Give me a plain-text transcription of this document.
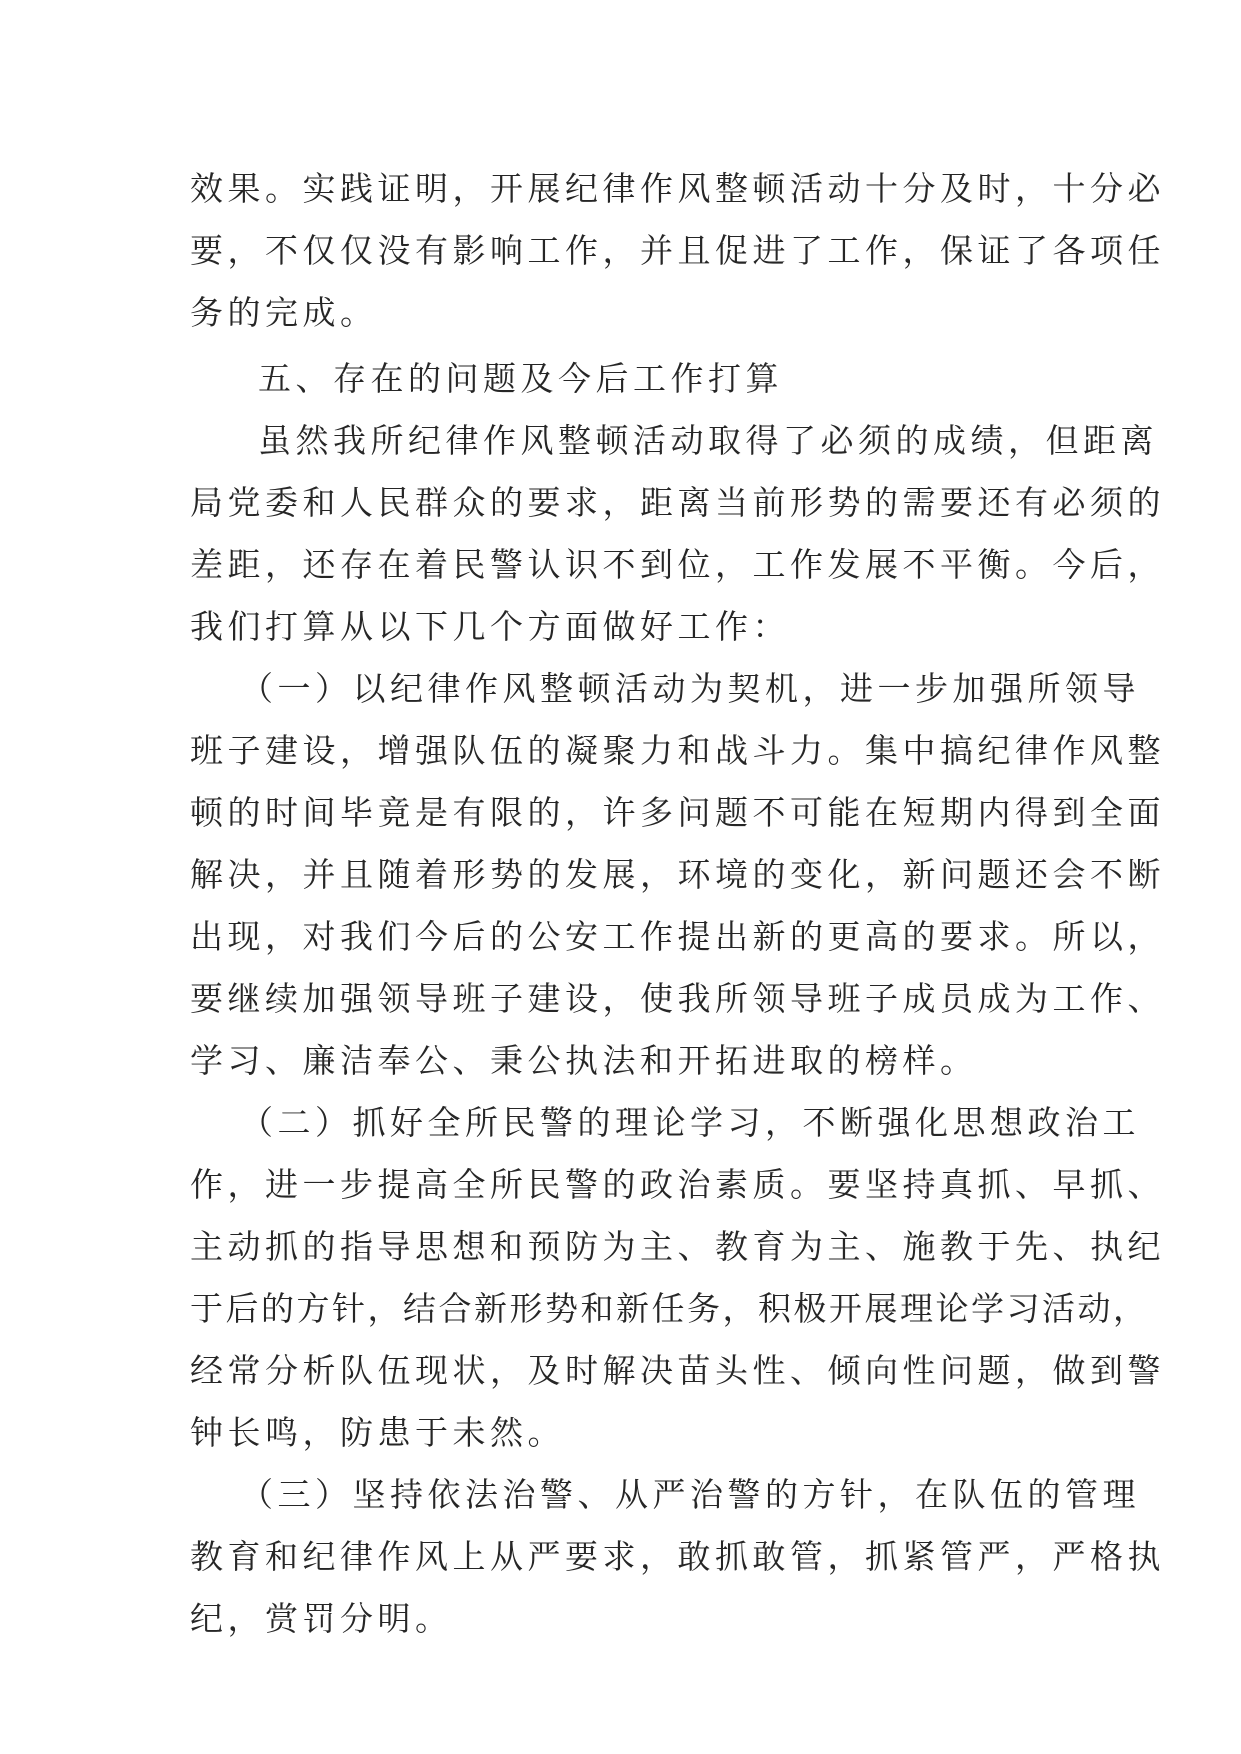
效果。实践证明，开展纪律作风整顿活动十分及时，十分必
要，不仅仅没有影响工作，并且促进了工作，保证了各项任
务的完成。
五、存在的问题及今后工作打算
虽然我所纪律作风整顿活动取得了必须的成绩，但距离
局党委和人民群众的要求，距离当前形势的需要还有必须的
差距，还存在着民警认识不到位，工作发展不平衡。今后，
我们打算从以下几个方面做好工作：
（一）以纪律作风整顿活动为契机，进一步加强所领导
班子建设，增强队伍的凝聚力和战斗力。集中搞纪律作风整
顿的时间毕竟是有限的，许多问题不可能在短期内得到全面
解决，并且随着形势的发展，环境的变化，新问题还会不断
出现，对我们今后的公安工作提出新的更高的要求。所以，
要继续加强领导班子建设，使我所领导班子成员成为工作、
学习、廉洁奉公、秉公执法和开拓进取的榜样。
（二）抓好全所民警的理论学习，不断强化思想政治工
作，进一步提高全所民警的政治素质。要坚持真抓、早抓、
主动抓的指导思想和预防为主、教育为主、施教于先、执纪
于后的方针，结合新形势和新任务，积极开展理论学习活动，
经常分析队伍现状，及时解决苗头性、倾向性问题，做到警
钟长鸣，防患于未然。
（三）坚持依法治警、从严治警的方针，在队伍的管理
教育和纪律作风上从严要求，敢抓敢管，抓紧管严，严格执
纪，赏罚分明。
